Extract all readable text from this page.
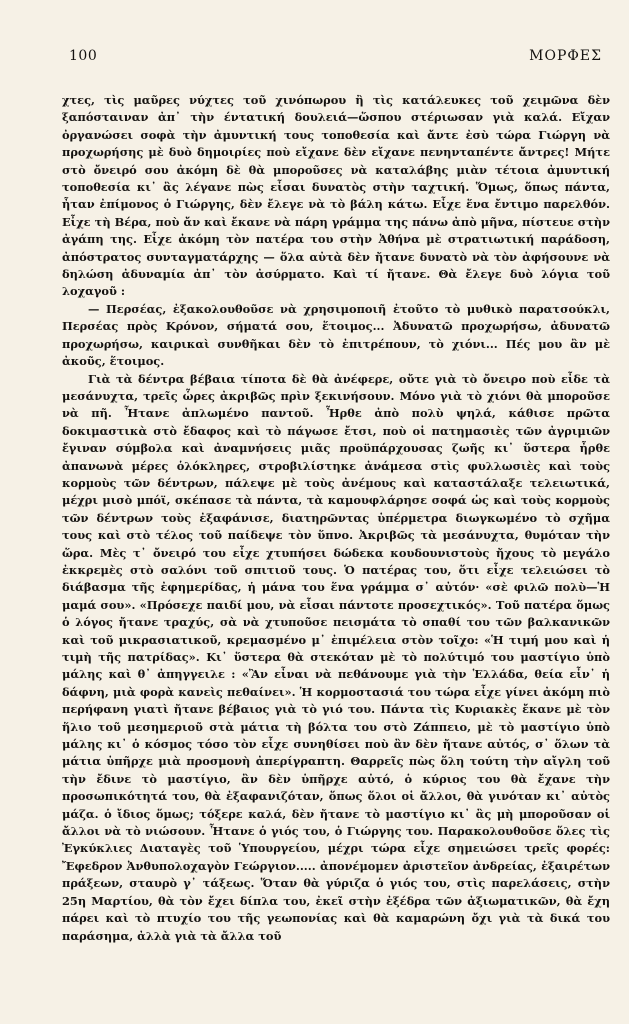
100	ΜΟΡΦΕΣ

χτες, τὶς μαῦρες νύχτες τοῦ χινόπωρου ἢ τὶς κατάλευκες τοῦ χειμῶνα δὲν ξαπόσταιναν ἀπ᾽ τὴν έντατική δουλειά—ὥσπου στέριωσαν γιὰ καλά. Εἴχαν ὀργανώσει σοφὰ τὴν ἀμυντική τους τοποθεσία καὶ ἄντε ἐσὺ τώρα Γιώργη νὰ προχωρήσης μὲ δυὸ δημοιρίες ποὺ εἴχανε δὲν εἴχανε πενηνταπέντε ἄντρες! Μήτε στὸ ὄνειρό σου ἀκόμη δὲ θὰ μποροῦσες νὰ καταλάβης μιὰν τέτοια ἀμυντική τοποθεσία κι᾽ ἂς λέγανε πὼς εἶσαι δυνατὸς στὴν ταχτική. Ὅμως, ὅπως πάντα, ἦταν ἐπίμονος ὁ Γιώργης, δὲν ἔλεγε νὰ τὸ βάλη κάτω. Εἶχε ἕνα ἔντιμο παρελθόν. Εἶχε τὴ Βέρα, ποὺ ἄν καὶ ἔκανε νὰ πάρη γράμμα της πάνω ἀπὸ μῆνα, πίστευε στὴν ἀγάπη της. Εἶχε ἀκόμη τὸν πατέρα του στὴν Ἀθήνα μὲ στρατιωτική παράδοση, ἀπόστρατος συνταγματάρχης — ὅλα αὐτὰ δὲν ἤτανε δυνατὸ νὰ τὸν ἀφήσουνε νὰ δηλώση ἀδυναμία ἀπ᾽ τὸν ἀσύρματο. Καὶ τί ἤτανε. Θὰ ἔλεγε δυὸ λόγια τοῦ λοχαγοῦ :

— Περσέας, ἐξακολουθοῦσε νὰ χρησιμοποιῆ ἐτοῦτο τὸ μυθικὸ παρατσούκλι, Περσέας πρὸς Κρόνον, σήματά σου, ἕτοιμος... Ἀδυνατῶ προχωρήσω, ἀδυνατῶ προχωρήσω, καιρικαὶ συνθῆκαι δὲν τὸ ἐπιτρέπουν, τὸ χιόνι... Πές μου ἂν μὲ ἀκοῦς, ἕτοιμος.

Γιὰ τὰ δέντρα βέβαια τίποτα δὲ θὰ ἀνέφερε, οὔτε γιὰ τὸ ὄνειρο ποὺ εἶδε τὰ μεσάνυχτα, τρεῖς ὧρες ἀκριβῶς πρὶν ξεκινήσουν. Μόνο γιὰ τὸ χιόνι θὰ μποροῦσε νὰ πῆ. Ἦτανε ἀπλωμένο παντοῦ. Ἦρθε ἀπὸ πολὺ ψηλά, κάθισε πρῶτα δοκιμαστικὰ στὸ ἔδαφος καὶ τὸ πάγωσε ἔτσι, ποὺ οἱ πατημασιὲς τῶν ἀγριμιῶν ἔγιναν σύμβολα καὶ ἀναμνήσεις μιᾶς προϋπάρχουσας ζωῆς κι᾽ ὕστερα ἦρθε ἀπανωνὰ μέρες ὁλόκληρες, στροβιλίστηκε ἀνάμεσα στὶς φυλλωσιὲς καὶ τοὺς κορμοὺς τῶν δέντρων, πάλεψε μὲ τοὺς ἀνέμους καὶ καταστάλαξε τελειωτικά, μέχρι μισὸ μπόϊ, σκέπασε τὰ πάντα, τὰ καμουφλάρησε σοφά ὡς καὶ τοὺς κορμοὺς τῶν δέντρων τοὺς ἐξαφάνισε, διατηρῶντας ὑπέρμετρα διωγκωμένο τὸ σχῆμα τους καὶ στὸ τέλος τοῦ παίδεψε τὸν ὕπνο. Ἀκριβῶς τὰ μεσάνυχτα, θυμόταν τὴν ὥρα. Μὲς τ᾽ ὄνειρό του εἶχε χτυπήσει δώδεκα κουδουνιστοὺς ἤχους τὸ μεγάλο ἐκκρεμὲς στὸ σαλόνι τοῦ σπιτιοῦ τους. Ὁ πατέρας του, ὅτι εἶχε τελειώσει τὸ διάβασμα τῆς ἐφημερίδας, ἡ μάνα του ἕνα γράμμα σ᾽ αὐτόν· «σὲ φιλῶ πολὺ—Ἡ μαμά σου». «Πρόσεχε παιδί μου, νὰ εἶσαι πάντοτε προσεχτικός». Τοῦ πατέρα ὅμως ὁ λόγος ἤτανε τραχύς, σὰ νὰ χτυποῦσε πεισμάτα τὸ σπαθί του τῶν βαλκανικῶν καὶ τοῦ μικρασιατικοῦ, κρεμασμένο μ᾽ ἐπιμέλεια στὸν τοῖχο: «Ἡ τιμή μου καὶ ἡ τιμὴ τῆς πατρίδας». Κι᾽ ὕστερα θὰ στεκόταν μὲ τὸ πολύτιμό του μαστίγιο ὑπὸ μάλης καὶ θ᾽ ἀπηγγειλε : «Ἂν εἶναι νὰ πεθάνουμε γιὰ τὴν Ἑλλάδα, θεία εἶν᾽ ἡ δάφνη, μιὰ φορὰ κανεὶς πεθαίνει». Ἡ κορμοστασιά του τώρα εἶχε γίνει ἀκόμη πιὸ περήφανη γιατὶ ἤτανε βέβαιος γιὰ τὸ γιό του. Πάντα τὶς Κυριακὲς ἔκανε μὲ τὸν ἥλιο τοῦ μεσημεριοῦ στὰ μάτια τὴ βόλτα του στὸ Ζάππειο, μὲ τὸ μαστίγιο ὑπὸ μάλης κι᾽ ὁ κόσμος τόσο τὸν εἶχε συνηθίσει ποὺ ἂν δὲν ἤτανε αὐτός, σ᾽ ὅλων τὰ μάτια ὑπῆρχε μιὰ προσμονὴ ἀπερίγραπτη. Θαρρεῖς πὼς ὅλη τούτη τὴν αἴγλη τοῦ τὴν ἔδινε τὸ μαστίγιο, ἂν δὲν ὑπῆρχε αὐτό, ὁ κύριος του θὰ ἔχανε τὴν προσωπικότητά του, θὰ ἐξαφανιζόταν, ὅπως ὅλοι οἱ ἄλλοι, θὰ γινόταν κι᾽ αὐτὸς μάζα. ὁ ἴδιος ὅμως; τόξερε καλά, δὲν ἤτανε τὸ μαστίγιο κι᾽ ἂς μὴ μποροῦσαν οἱ ἄλλοι νὰ τὸ νιώσουν. Ἦτανε ὁ γιός του, ὁ Γιώργης του. Παρακολουθοῦσε ὅλες τὶς Ἐγκύκλιες Διαταγὲς τοῦ Ὑπουργείου, μέχρι τώρα εἶχε σημειώσει τρεῖς φορές: Ἔφεδρον Ἀνθυπολοχαγὸν Γεώργιον..... ἀπονέμομεν ἀριστεῖον ἀνδρείας, ἐξαιρέτων πράξεων, σταυρὸ γ᾽ τάξεως. Ὅταν θὰ γύριζα ὁ γιός του, στὶς παρελάσεις, στὴν 25η Μαρτίου, θὰ τὸν ἔχει δίπλα του, ἐκεῖ στὴν ἐξέδρα τῶν ἀξιωματικῶν, θὰ ἔχη πάρει καὶ τὸ πτυχίο του τῆς γεωπονίας καὶ θὰ καμαρώνη ὄχι γιὰ τὰ δικά του παράσημα, ἀλλὰ γιὰ τὰ ἄλλα τοῦ
